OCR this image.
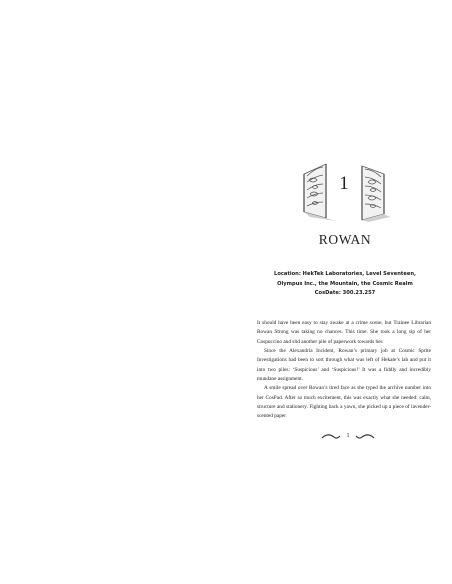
1
ROWAN
Location: HekTek Laboratories, Level Seventeen,
Olympus Inc., the Mountain, the Cosmic Realm
CosDate: 300.23.257

It should have been easy to stay awake at a crime scene, but Trainee Librarian Rowan Strong was taking no chances. This time. She took a long sip of her Cospuccino and slid another pile of paperwork towards her.

Since the Alexandria Incident, Rowan’s primary job at Cosmic Sprite Investigations had been to sort through what was left of Hekate’s lab and put it into two piles: ‘Suspicious’ and ‘Suspicious!’ It was a fiddly and incredibly mundane assignment.

A smile spread over Rowan’s tired face as she typed the archive number into her CosPad. After so much excitement, this was exactly what she needed: calm, structure and stationery. Fighting back a yawn, she picked up a piece of lavender-scented paper

1
